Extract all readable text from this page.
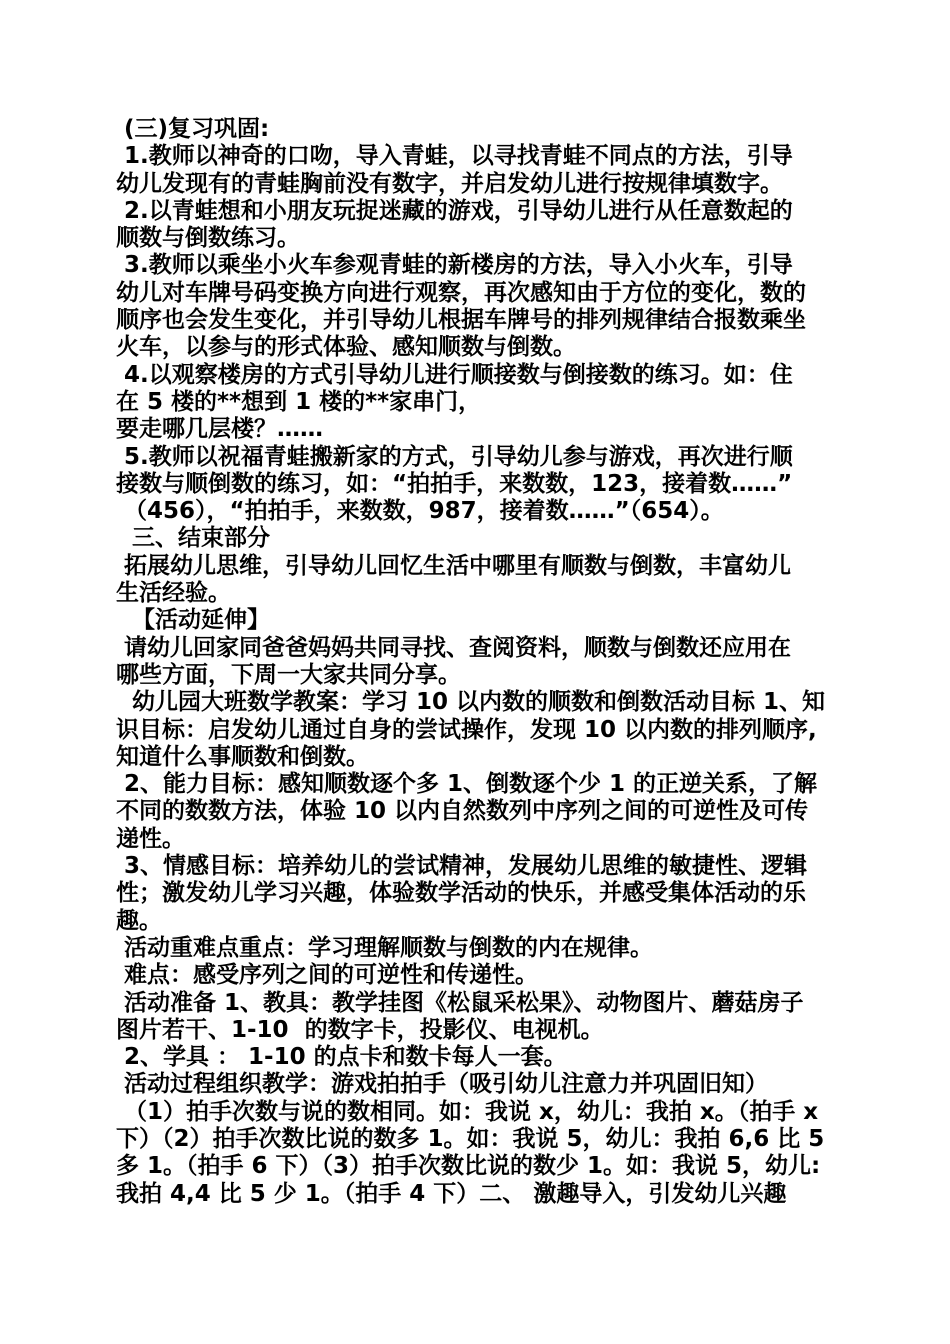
(三)复习巩固:
1.教师以神奇的口吻，导入青蛙，以寻找青蛙不同点的方法，引导
幼儿发现有的青蛙胸前没有数字，并启发幼儿进行按规律填数字。
2.以青蛙想和小朋友玩捉迷藏的游戏，引导幼儿进行从任意数起的
顺数与倒数练习。
3.教师以乘坐小火车参观青蛙的新楼房的方法，导入小火车，引导
幼儿对车牌号码变换方向进行观察，再次感知由于方位的变化，数的
顺序也会发生变化，并引导幼儿根据车牌号的排列规律结合报数乘坐
火车，以参与的形式体验、感知顺数与倒数。
4.以观察楼房的方式引导幼儿进行顺接数与倒接数的练习。如：住
在 5 楼的**想到 1 楼的**家串门，
要走哪几层楼？……
5.教师以祝福青蛙搬新家的方式，引导幼儿参与游戏，再次进行顺
接数与顺倒数的练习，如：“拍拍手，来数数，123，接着数……”
（456），“拍拍手，来数数，987，接着数……”（654）。
三、结束部分
拓展幼儿思维，引导幼儿回忆生活中哪里有顺数与倒数，丰富幼儿
生活经验。
【活动延伸】
请幼儿回家同爸爸妈妈共同寻找、查阅资料，顺数与倒数还应用在
哪些方面，下周一大家共同分享。
幼儿园大班数学教案：学习 10 以内数的顺数和倒数活动目标 1、知
识目标：启发幼儿通过自身的尝试操作，发现 10 以内数的排列顺序,
知道什么事顺数和倒数。
2、能力目标：感知顺数逐个多 1、倒数逐个少 1 的正逆关系，了解
不同的数数方法，体验 10 以内自然数列中序列之间的可逆性及可传
递性。
3、情感目标：培养幼儿的尝试精神，发展幼儿思维的敏捷性、逻辑
性；激发幼儿学习兴趣，体验数学活动的快乐，并感受集体活动的乐
趣。
活动重难点重点：学习理解顺数与倒数的内在规律。
难点：感受序列之间的可逆性和传递性。
活动准备 1、教具：教学挂图《松鼠采松果》、动物图片、蘑菇房子
图片若干、1-10  的数字卡，投影仪、电视机。
2、学具 ： 1-10 的点卡和数卡每人一套。
活动过程组织教学：游戏拍拍手（吸引幼儿注意力并巩固旧知）
（1）拍手次数与说的数相同。如：我说 x，幼儿：我拍 x。（拍手 x
下）（2）拍手次数比说的数多 1。如：我说 5，幼儿：我拍 6,6 比 5
多 1。（拍手 6 下）（3）拍手次数比说的数少 1。如：我说 5，幼儿:
我拍 4,4 比 5 少 1。（拍手 4 下）二、 激趣导入，引发幼儿兴趣
